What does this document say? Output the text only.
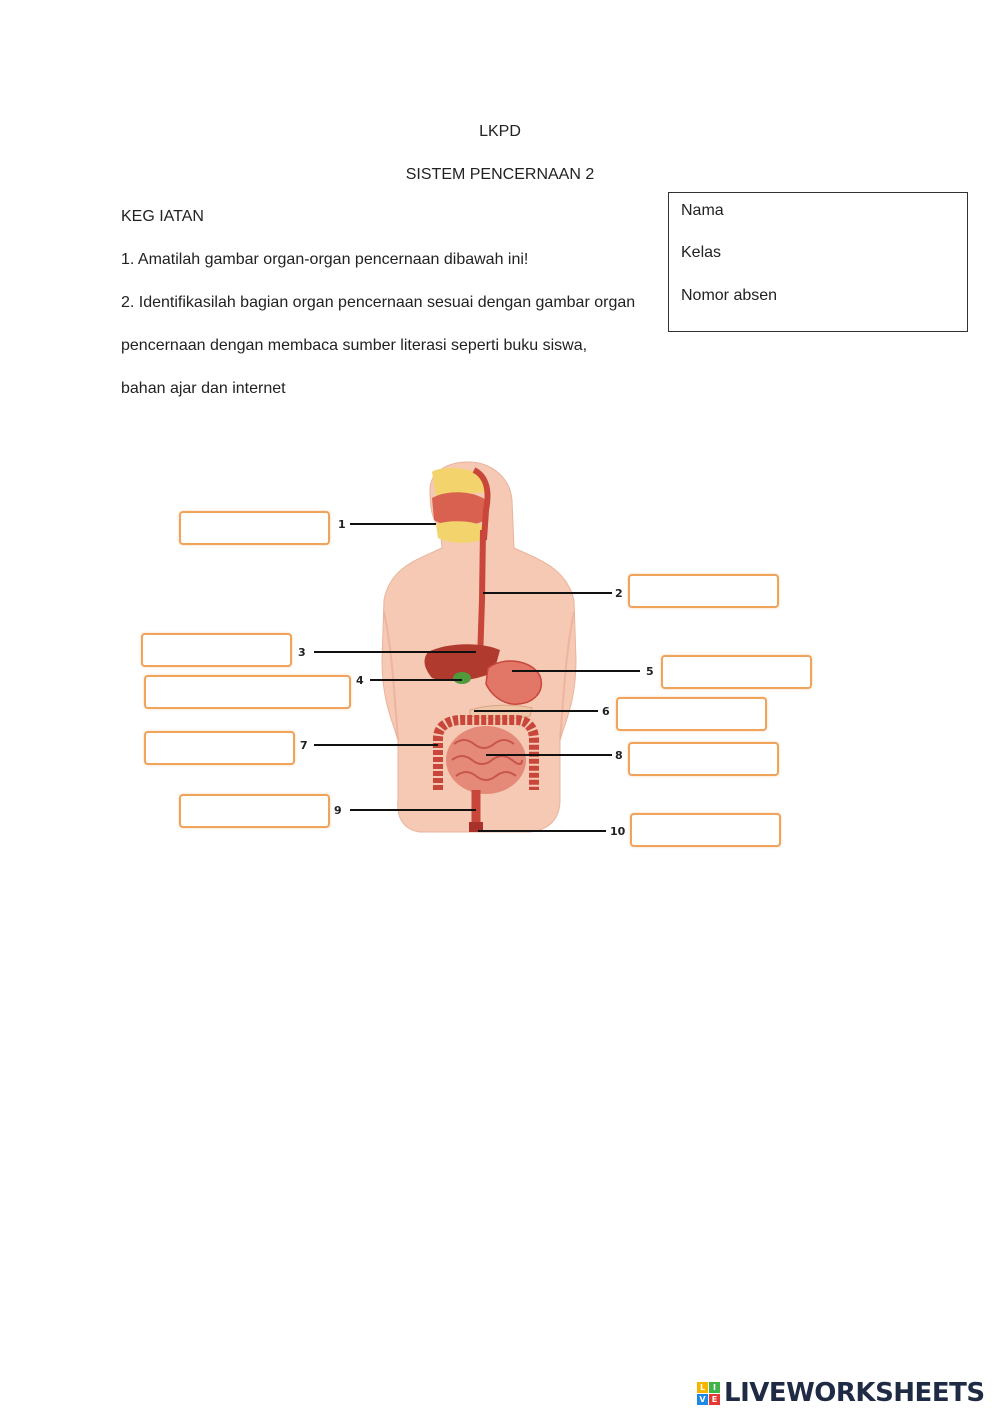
LKPD
SISTEM PENCERNAAN 2
KEG IATAN
1. Amatilah gambar organ-organ pencernaan dibawah ini!
2. Identifikasilah bagian organ pencernaan sesuai dengan gambar organ
pencernaan dengan membaca sumber literasi seperti buku siswa,
bahan ajar dan internet
Nama
Kelas
Nomor absen
1
2
3
4
5
6
7
8
9
10
L I
V E LIVEWORKSHEETS
